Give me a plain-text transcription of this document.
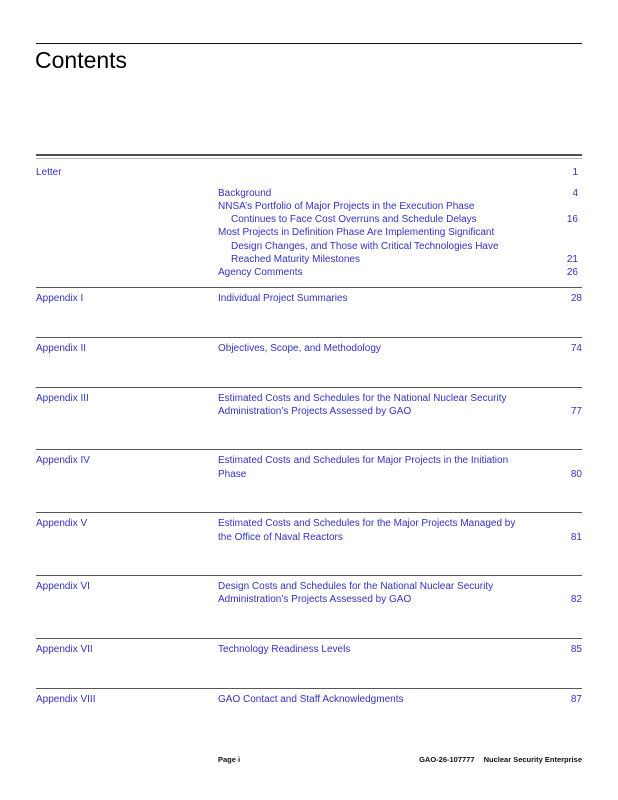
Contents
Letter	1
Background	4
NNSA’s Portfolio of Major Projects in the Execution Phase
Continues to Face Cost Overruns and Schedule Delays	16
Most Projects in Definition Phase Are Implementing Significant
Design Changes, and Those with Critical Technologies Have
Reached Maturity Milestones	21
Agency Comments	26
Appendix I	Individual Project Summaries	28
Appendix II	Objectives, Scope, and Methodology	74
Appendix III	Estimated Costs and Schedules for the National Nuclear Security
Administration’s Projects Assessed by GAO	77
Appendix IV	Estimated Costs and Schedules for Major Projects in the Initiation
Phase	80
Appendix V	Estimated Costs and Schedules for the Major Projects Managed by
the Office of Naval Reactors	81
Appendix VI	Design Costs and Schedules for the National Nuclear Security
Administration’s Projects Assessed by GAO	82
Appendix VII	Technology Readiness Levels	85
Appendix VIII	GAO Contact and Staff Acknowledgments	87
Page i	GAO-26-107777 Nuclear Security Enterprise
